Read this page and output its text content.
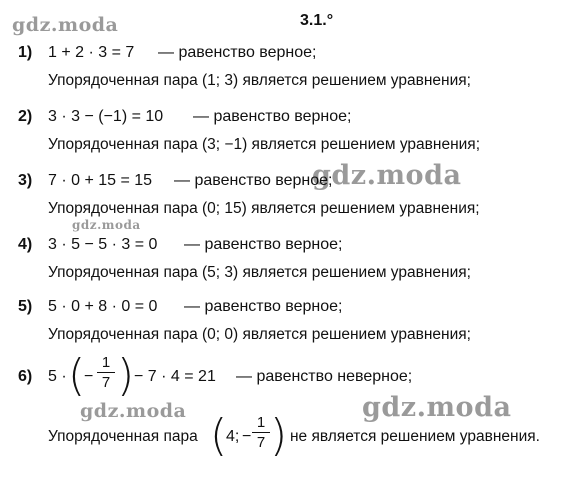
gdz.moda
gdz.moda
gdz.moda
gdz.moda	gdz.moda
3.1.°
1) 1 + 2 · 3 = 7 — равенство верное;
Упорядоченная пара (1; 3) является решением уравнения;
2) 3 · 3 − (−1) = 10 — равенство верное;
Упорядоченная пара (3; −1) является решением уравнения;
3) 7 · 0 + 15 = 15 — равенство верное;
Упорядоченная пара (0; 15) является решением уравнения;
4) 3 · 5 − 5 · 3 = 0 — равенство верное;
Упорядоченная пара (5; 3) является решением уравнения;
5) 5 · 0 + 8 · 0 = 0 — равенство верное;
Упорядоченная пара (0; 0) является решением уравнения;
6) 5 · (
−
1
7 ) − 7 · 4 = 21 — равенство неверное;
Упорядоченная пара (
4; −
1
7 ) не является решением уравнения.
